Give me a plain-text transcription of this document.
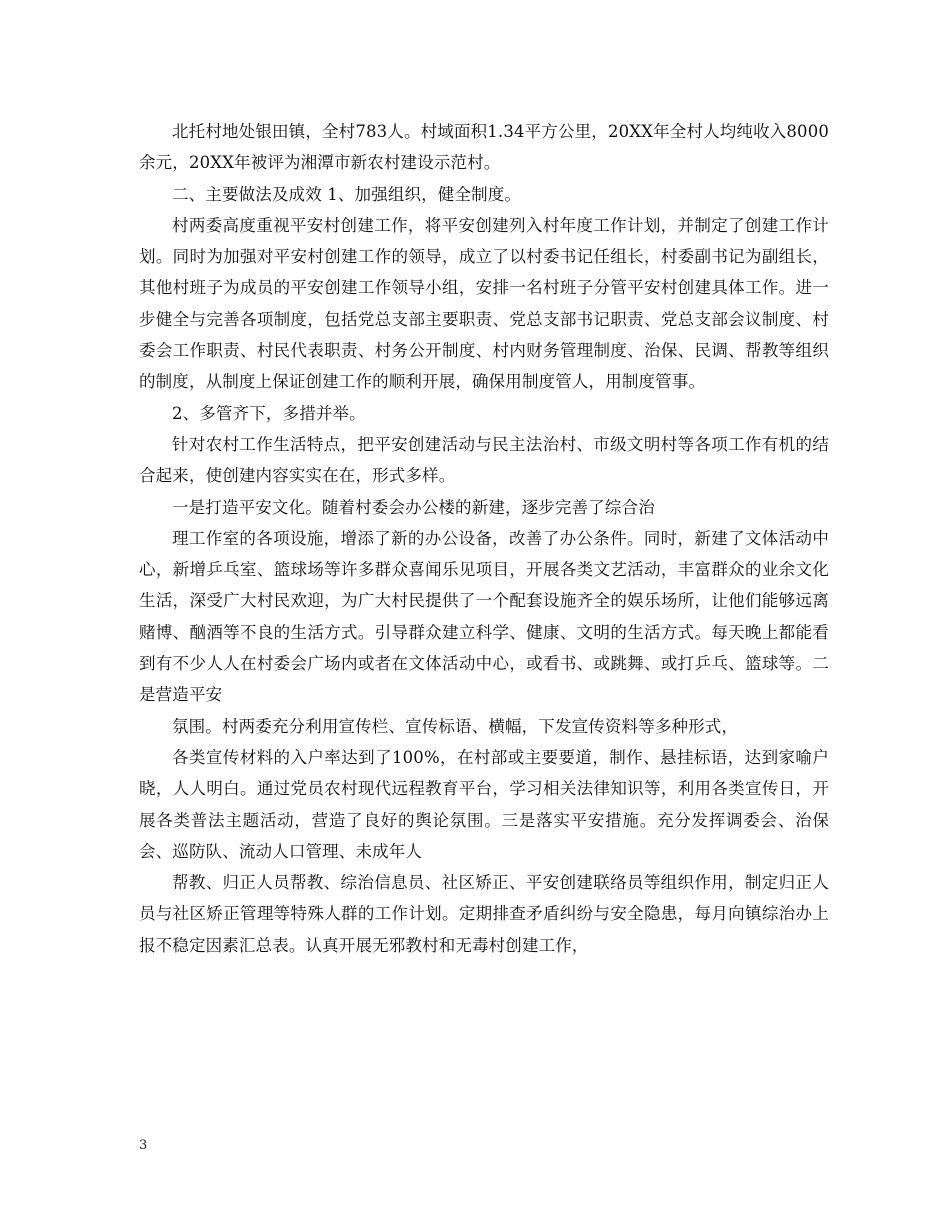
北托村地处银田镇，全村783人。村域面积1.34平方公里，20XX年全村人均纯收入8000余元，20XX年被评为湘潭市新农村建设示范村。

二、主要做法及成效 1、加强组织，健全制度。

村两委高度重视平安村创建工作，将平安创建列入村年度工作计划，并制定了创建工作计划。同时为加强对平安村创建工作的领导，成立了以村委书记任组长，村委副书记为副组长，其他村班子为成员的平安创建工作领导小组，安排一名村班子分管平安村创建具体工作。进一步健全与完善各项制度，包括党总支部主要职责、党总支部书记职责、党总支部会议制度、村委会工作职责、村民代表职责、村务公开制度、村内财务管理制度、治保、民调、帮教等组织的制度，从制度上保证创建工作的顺利开展，确保用制度管人，用制度管事。

2、多管齐下，多措并举。

针对农村工作生活特点，把平安创建活动与民主法治村、市级文明村等各项工作有机的结合起来，使创建内容实实在在，形式多样。

一是打造平安文化。随着村委会办公楼的新建，逐步完善了综合治

理工作室的各项设施，增添了新的办公设备，改善了办公条件。同时，新建了文体活动中心，新增乒乓室、篮球场等许多群众喜闻乐见项目，开展各类文艺活动，丰富群众的业余文化生活，深受广大村民欢迎，为广大村民提供了一个配套设施齐全的娱乐场所，让他们能够远离赌博、酗酒等不良的生活方式。引导群众建立科学、健康、文明的生活方式。每天晚上都能看到有不少人人在村委会广场内或者在文体活动中心，或看书、或跳舞、或打乒乓、篮球等。二是营造平安

氛围。村两委充分利用宣传栏、宣传标语、横幅，下发宣传资料等多种形式，

各类宣传材料的入户率达到了100%，在村部或主要要道，制作、悬挂标语，达到家喻户晓，人人明白。通过党员农村现代远程教育平台，学习相关法律知识等，利用各类宣传日，开展各类普法主题活动，营造了良好的舆论氛围。三是落实平安措施。充分发挥调委会、治保会、巡防队、流动人口管理、未成年人

帮教、归正人员帮教、综治信息员、社区矫正、平安创建联络员等组织作用，制定归正人员与社区矫正管理等特殊人群的工作计划。定期排查矛盾纠纷与安全隐患，每月向镇综治办上报不稳定因素汇总表。认真开展无邪教村和无毒村创建工作，

3
